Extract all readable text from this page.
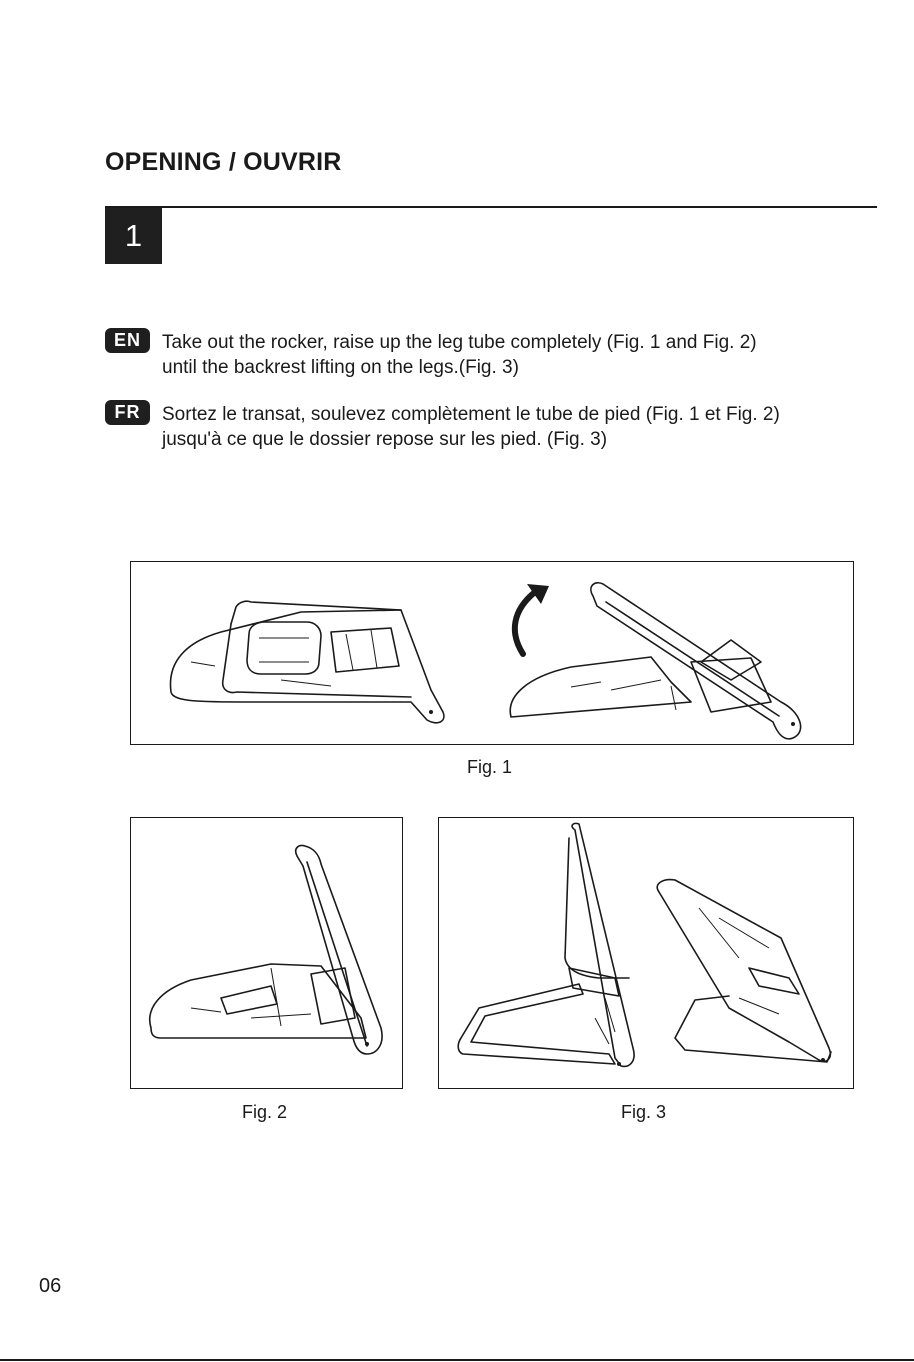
OPENING / OUVRIR
1
EN	Take out the rocker, raise up the leg tube completely (Fig. 1 and Fig. 2)
until the backrest lifting on the legs.(Fig. 3)
FR	Sortez le transat, soulevez complètement le tube de pied (Fig. 1 et Fig. 2)
jusqu'à ce que le dossier repose sur les pied. (Fig. 3)
Fig. 1
Fig. 2	Fig. 3
06
